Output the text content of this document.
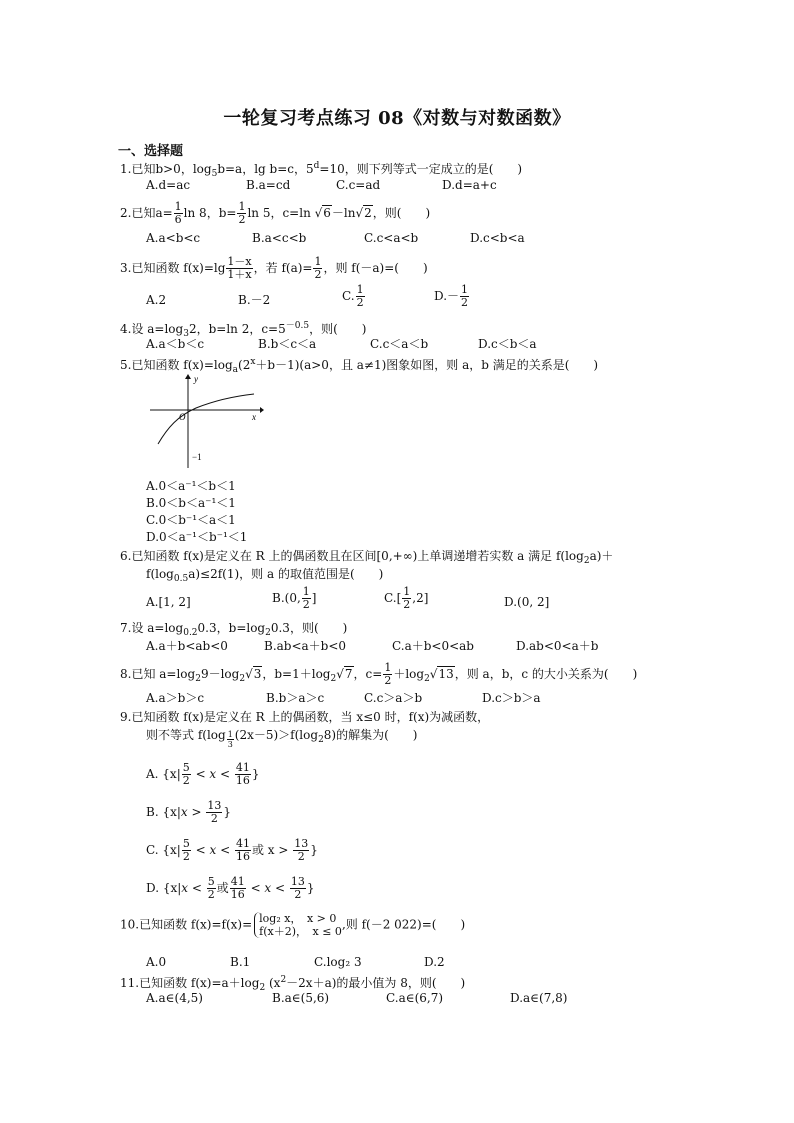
一轮复习考点练习 08《对数与对数函数》
一、选择题
1.已知b>0，$\log_5b=a$，lg b=c，$5^d=10$，则下列等式一定成立的是(　　)
A.d=ac	B.a=cd	C.c=ad	D.d=a+c
2.已知$a= \frac{1}{6}$ ln 8，$b= \frac{1}{2}$ ln 5，c=ln √6－ln√2，则(　　)
A.a<b<c	B.a<c<b	C.c<a<b	D.c<b<a
3.已知函数 $f(x)=\lg \frac{1-x}{1+x}$ ，若 $f(a)= \frac{1}{2}$ ，则 f(－a)=(　　)
A.2	B.－2	C. $\frac{1}{2}$	$D.- \frac{1}{2}$
4.设 $a=\log_32$，b=ln 2，$c=5^{-0.5}$，则(　　)
A.a＜b＜c	B.b＜c＜a	C.c＜a＜b	D.c＜b＜a
5.已知函数 $f(x)=\log_a(2^x+b-1)(a>0$，且 a≠1)图象如图，则 a，b 满足的关系是(　　)
y
x
O
−1
A.0＜a⁻¹＜b＜1
B.0＜b＜a⁻¹＜1
C.0＜b⁻¹＜a＜1
D.0＜a⁻¹＜b⁻¹＜1
6.已知函数 f(x)是定义在 R 上的偶函数且在区间[0,+∞)上单调递增若实数 a 满足 $f(\log_2a)+$
$f(\log_{0.5}a)\le 2f(1)$，则 a 的取值范围是(　　)
A.[1, 2]	B.(0, $\frac{1}{2}$ ]	$C.[ \frac{1}{2} ,2]$	D.(0, 2]
7.设 $a=\log_{0.2}0.3$，$b=\log_20.3$，则(　　)
A.a＋b<ab<0	B.ab<a＋b<0	C.a＋b<0<ab	D.ab<0<a＋b
8.已知 $a=\log_29-\log_2√3$，$b=1+\log_2√7$，$c= \frac{1}{2} +\log_2√13$，则 a，b，c 的大小关系为(　　)
A.a＞b＞c	B.b＞a＞c	C.c＞a＞b	D.c＞b＞a
9.已知函数 f(x)是定义在 R 上的偶函数，当 x≤0 时，f(x)为减函数，
则不等式 $f(\log \frac{1}{3} (2x-5)>f(\log_28)$的解集为(　　)
A. {$x| \frac{5}{2} < x < \frac{41}{16}$ }
B. {$x|x > \frac{13}{2}$ }
C. {$x| \frac{5}{2} < x < \frac{41}{16}$ 或 $x > \frac{13}{2}$ }
D. {$x|x < \frac{5}{2}$ 或 $\frac{41}{16} < x < \frac{13}{2}$ }
10.已知函数 f(x)=f(x)= log₂ x，　x > 0
f(x＋2)，　x ≤ 0 ,则 f(－2 022)=(　　)
A.0	B.1	C.log₂ 3	D.2
11.已知函数 $f(x)=a+\log_2$ $(x^2-2x+a)$的最小值为 8，则(　　)
A.a∈(4,5)	B.a∈(5,6)	C.a∈(6,7)	D.a∈(7,8)
